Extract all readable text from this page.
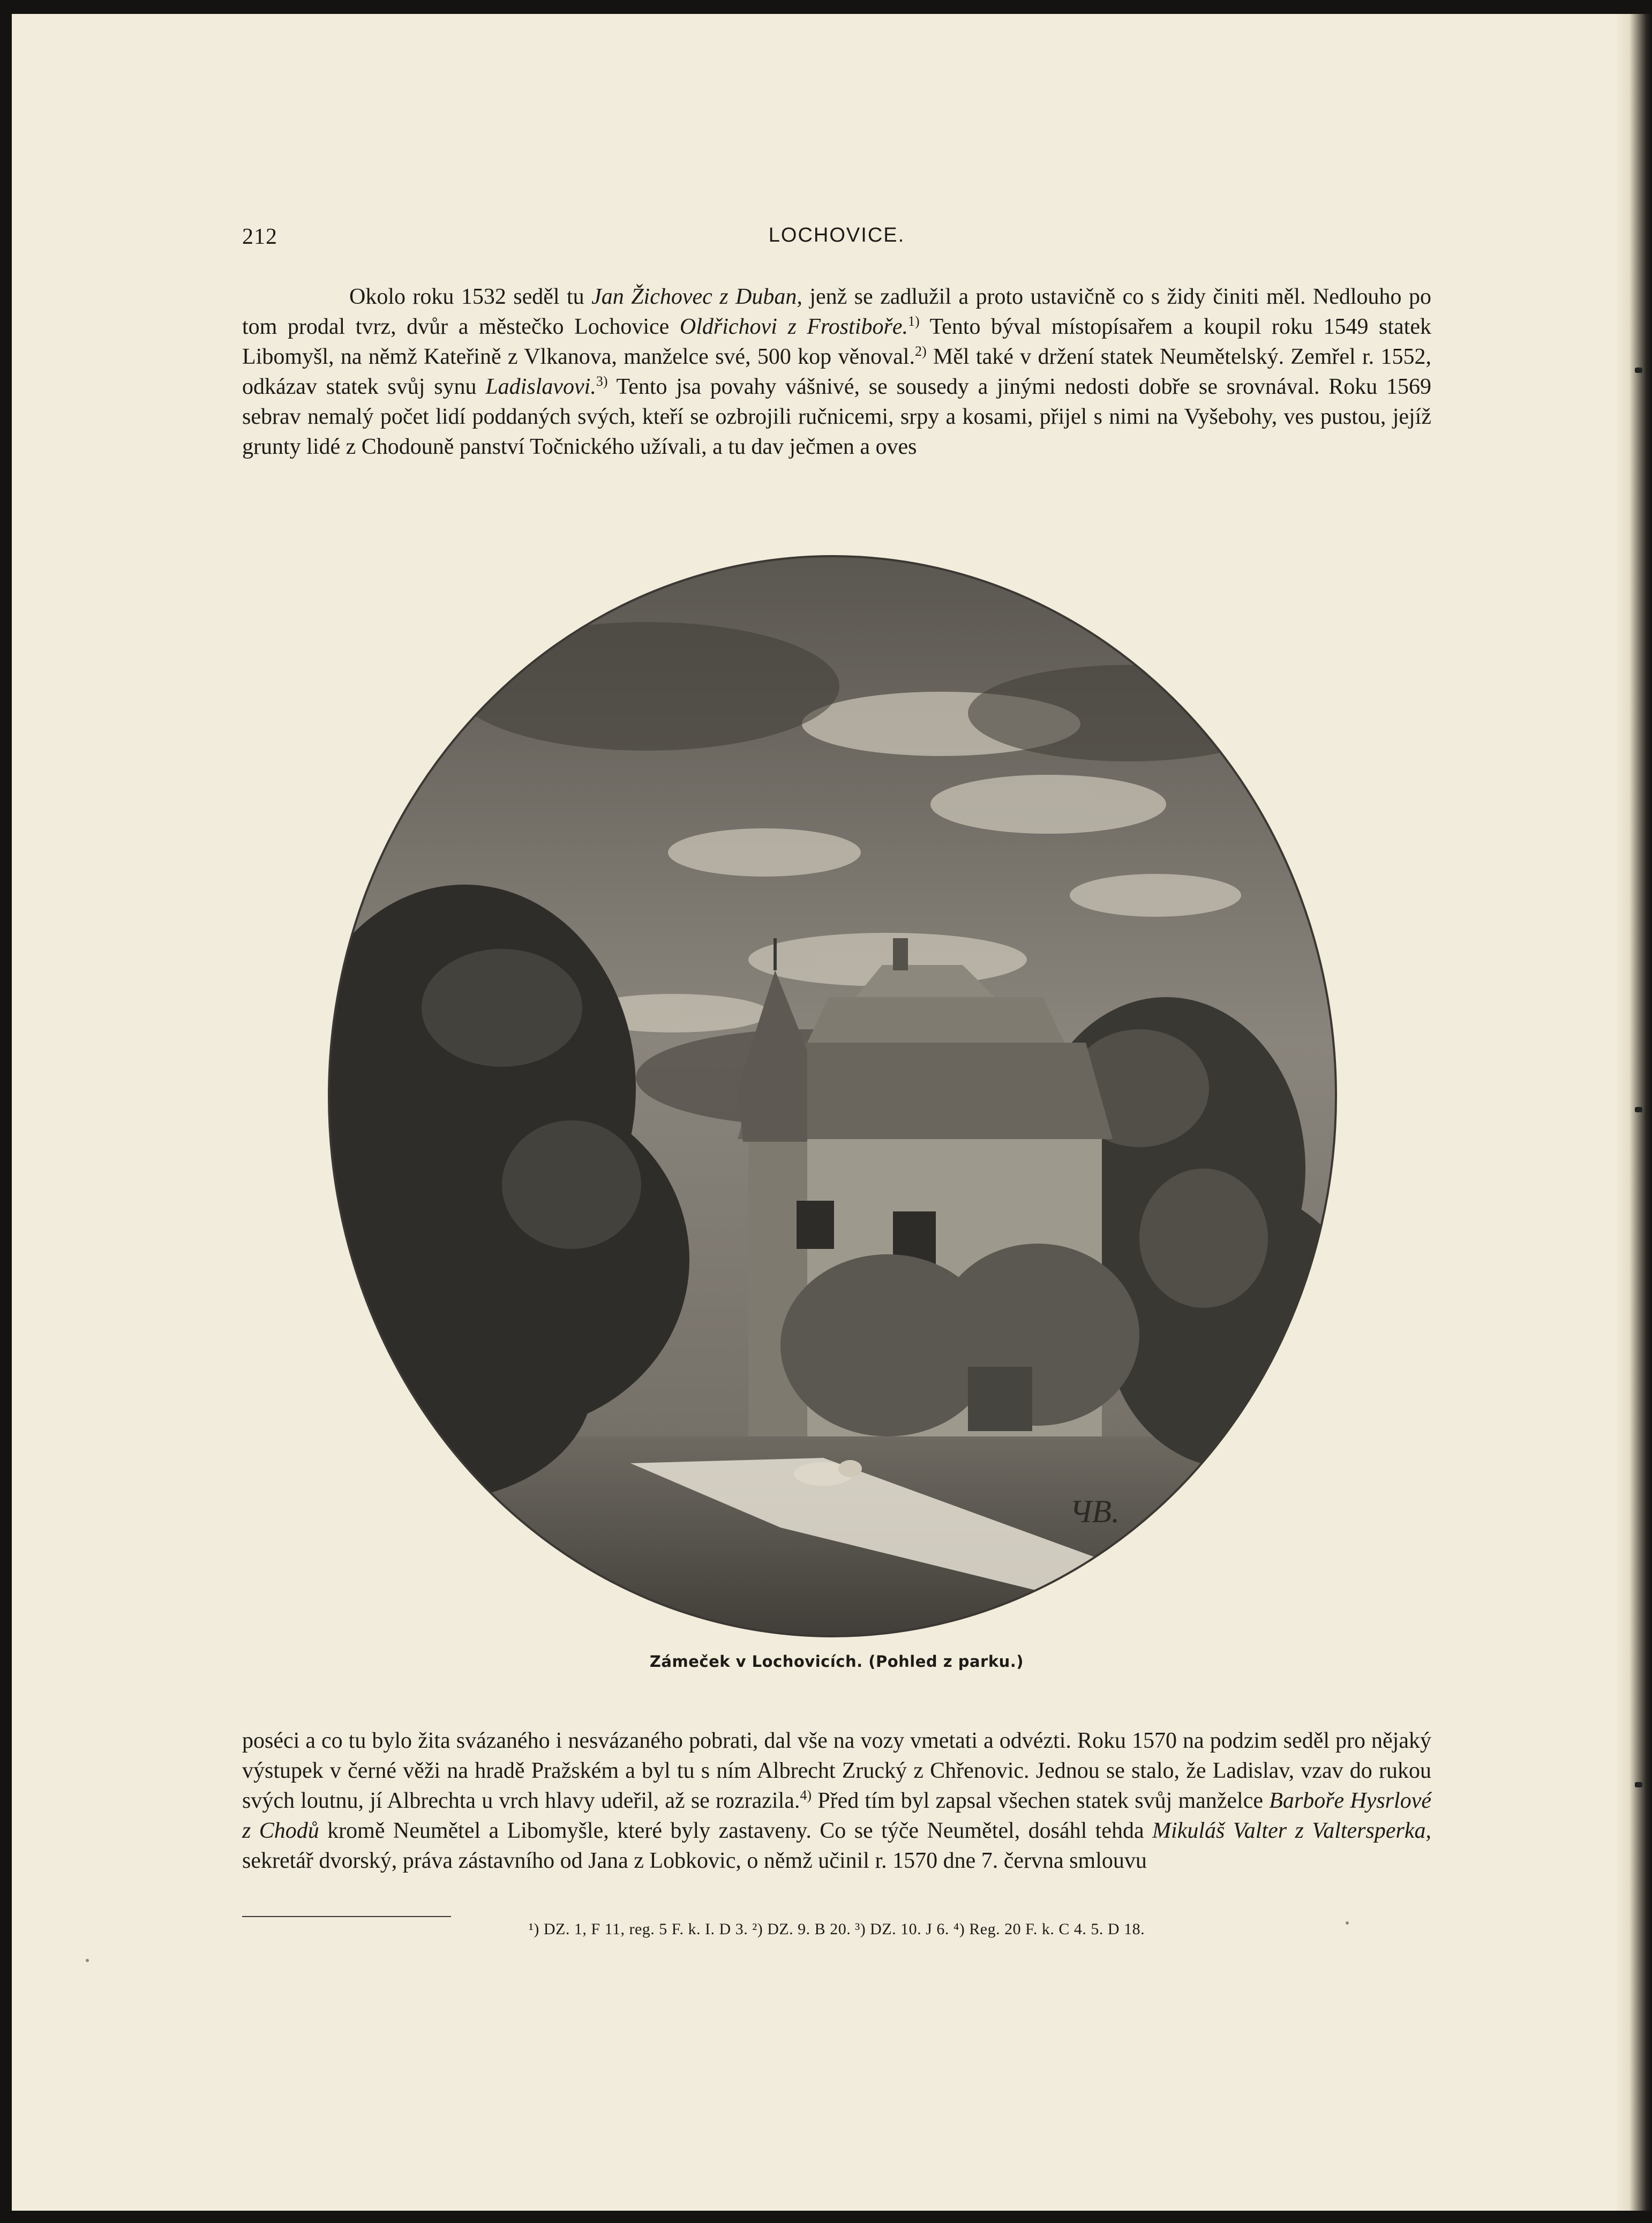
212	LOCHOVICE.

Okolo roku 1532 seděl tu Jan Žichovec z Duban, jenž se zadlužil a proto ustavičně co s židy činiti měl. Nedlouho po tom prodal tvrz, dvůr a městečko Lochovice Oldřichovi z Frostiboře.$^{1)}$ Tento býval místopísařem a koupil roku 1549 statek Libomyšl, na němž Kateřině z Vlkanova, manželce své, 500 kop věnoval.$^{2)}$ Měl také v držení statek Neumětelský. Zemřel r. 1552, odkázav statek svůj synu Ladislavovi.$^{3)}$ Tento jsa povahy vášnivé, se sousedy a jinými nedosti dobře se srovnával. Roku 1569 sebrav nemalý počet lidí poddaných svých, kteří se ozbrojili ručnicemi, srpy a kosami, přijel s nimi na Vyšebohy, ves pustou, jejíž grunty lidé z Chodouně panství Točnického užívali, a tu dav ječmen a oves

ЧВ.
Zámeček v Lochovicích. (Pohled z parku.)

poséci a co tu bylo žita svázaného i nesvázaného pobrati, dal vše na vozy vmetati a odvézti. Roku 1570 na podzim seděl pro nějaký výstupek v černé věži na hradě Pražském a byl tu s ním Albrecht Zrucký z Chřenovic. Jednou se stalo, že Ladislav, vzav do rukou svých loutnu, jí Albrechta u vrch hlavy udeřil, až se rozrazila.$^{4)}$ Před tím byl zapsal všechen statek svůj manželce Barboře Hysrlové z Chodů kromě Neumětel a Libomyšle, které byly zastaveny. Co se týče Neumětel, dosáhl tehda Mikuláš Valter z Valtersperka, sekretář dvorský, práva zástavního od Jana z Lobkovic, o němž učinil r. 1570 dne 7. června smlouvu

¹) DZ. 1, F 11, reg. 5 F. k. I. D 3. ²) DZ. 9. B 20. ³) DZ. 10. J 6. ⁴) Reg. 20 F. k. C 4. 5. D 18.
